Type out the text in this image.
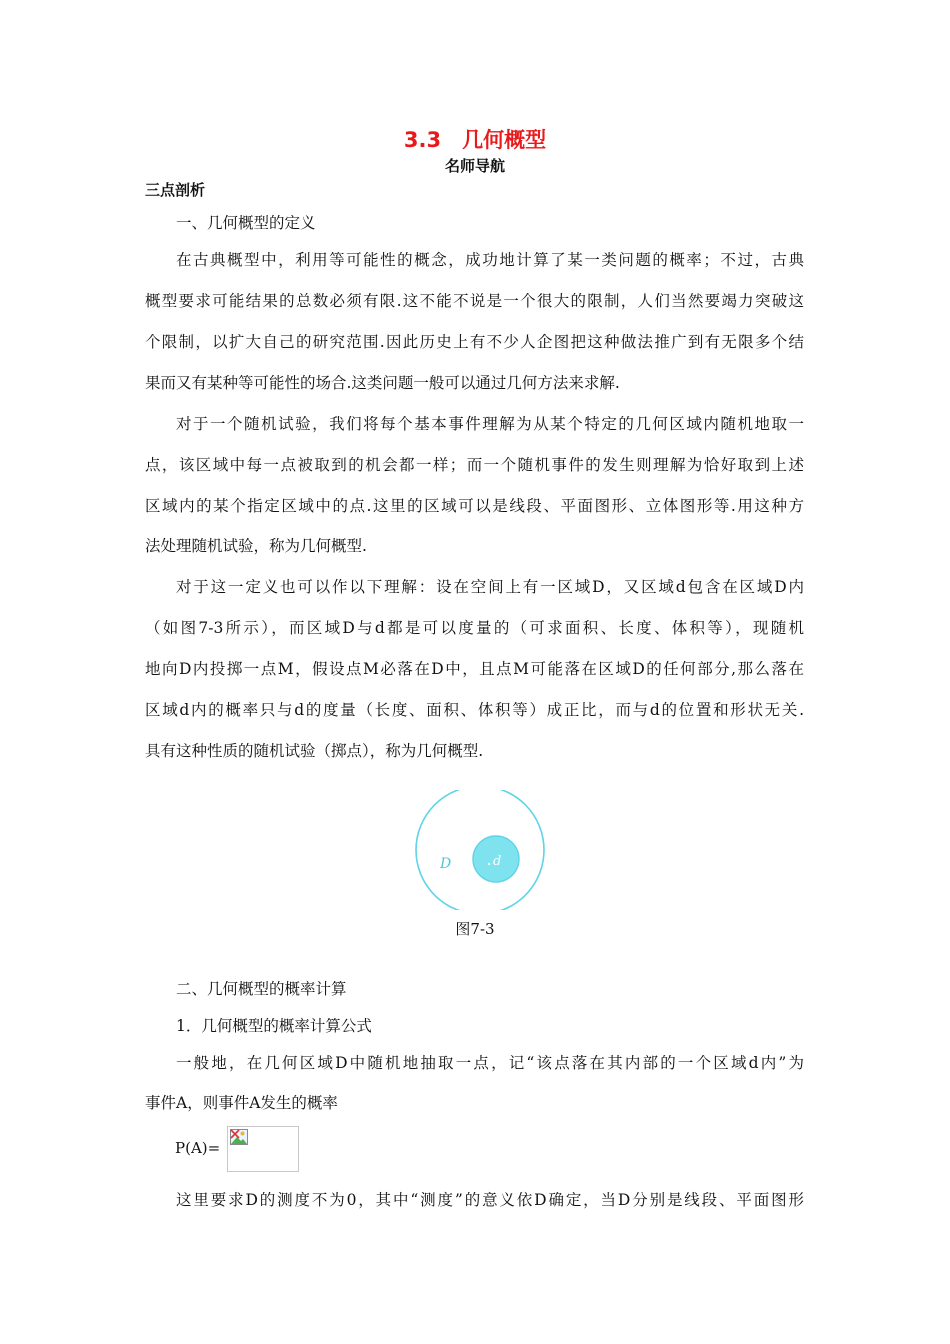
3.3　几何概型
名师导航
三点剖析
一、几何概型的定义
在古典概型中，利用等可能性的概念，成功地计算了某一类问题的概率；不过，古典
概型要求可能结果的总数必须有限.这不能不说是一个很大的限制，人们当然要竭力突破这
个限制，以扩大自己的研究范围.因此历史上有不少人企图把这种做法推广到有无限多个结
果而又有某种等可能性的场合.这类问题一般可以通过几何方法来求解.
对于一个随机试验，我们将每个基本事件理解为从某个特定的几何区域内随机地取一
点，该区域中每一点被取到的机会都一样；而一个随机事件的发生则理解为恰好取到上述
区域内的某个指定区域中的点.这里的区域可以是线段、平面图形、立体图形等.用这种方
法处理随机试验，称为几何概型.
对于这一定义也可以作以下理解：设在空间上有一区域D，又区域d包含在区域D内
（如图7-3所示），而区域D与d都是可以度量的（可求面积、长度、体积等），现随机
地向D内投掷一点M，假设点M必落在D中，且点M可能落在区域D的任何部分,那么落在
区域d内的概率只与d的度量（长度、面积、体积等）成正比，而与d的位置和形状无关.
具有这种性质的随机试验（掷点），称为几何概型.
D	d
图7-3
二、几何概型的概率计算
1．几何概型的概率计算公式
一般地，在几何区域D中随机地抽取一点，记“该点落在其内部的一个区域d内”为
事件A，则事件A发生的概率
P(A)=
这里要求D的测度不为0，其中“测度”的意义依D确定，当D分别是线段、平面图形
